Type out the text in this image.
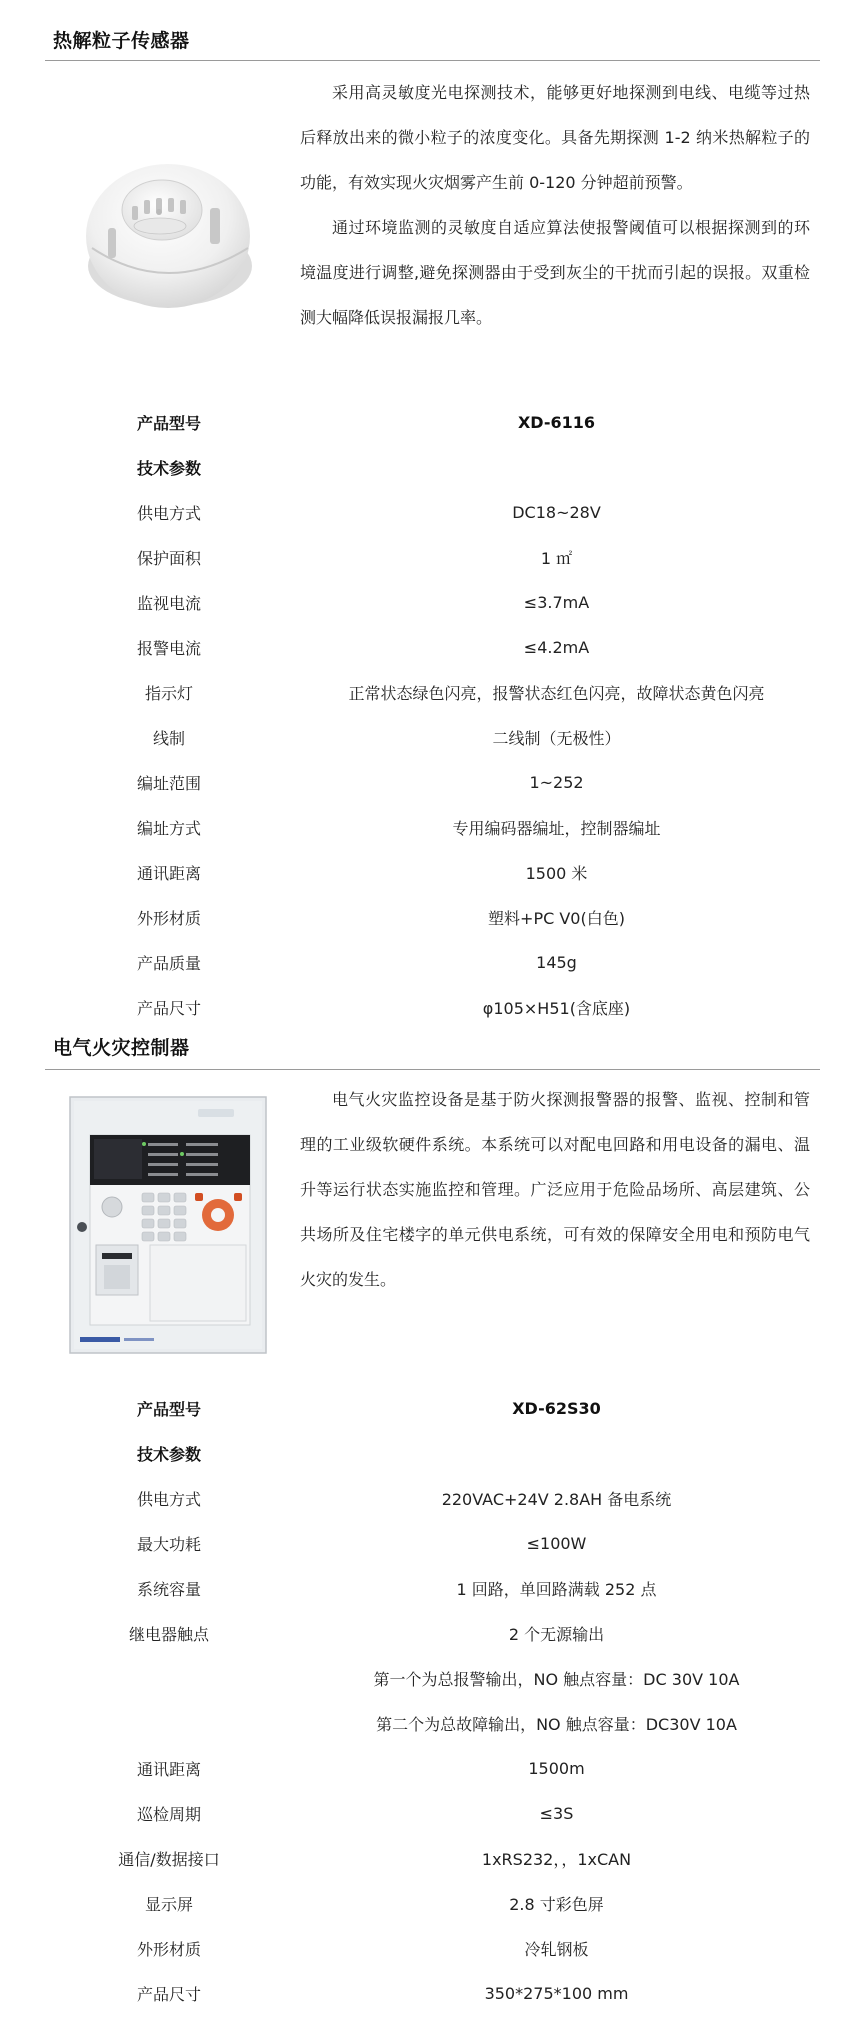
热解粒子传感器

采用高灵敏度光电探测技术，能够更好地探测到电线、电缆等过热后释放出来的微小粒子的浓度变化。具备先期探测 1-2 纳米热解粒子的功能，有效实现火灾烟雾产生前 0-120 分钟超前预警。

通过环境监测的灵敏度自适应算法使报警阈值可以根据探测到的环境温度进行调整,避免探测器由于受到灰尘的干扰而引起的误报。双重检测大幅降低误报漏报几率。

产品型号	XD-6116
技术参数	
供电方式	DC18~28V
保护面积	1 ㎡
监视电流	≤3.7mA
报警电流	≤4.2mA
指示灯	正常状态绿色闪亮，报警状态红色闪亮，故障状态黄色闪亮
线制	二线制（无极性）
编址范围	1~252
编址方式	专用编码器编址，控制器编址
通讯距离	1500 米
外形材质	塑料+PC V0(白色)
产品质量	145g
产品尺寸	φ105×H51(含底座)
电气火灾控制器

电气火灾监控设备是基于防火探测报警器的报警、监视、控制和管理的工业级软硬件系统。本系统可以对配电回路和用电设备的漏电、温升等运行状态实施监控和管理。广泛应用于危险品场所、高层建筑、公共场所及住宅楼字的单元供电系统，可有效的保障安全用电和预防电气火灾的发生。

产品型号	XD-62S30
技术参数	
供电方式	220VAC+24V 2.8AH 备电系统
最大功耗	≤100W
系统容量	1 回路，单回路满载 252 点
继电器触点	2 个无源输出
	第一个为总报警输出，NO 触点容量：DC 30V 10A
	第二个为总故障输出，NO 触点容量：DC30V 10A
通讯距离	1500m
巡检周期	≤3S
通信/数据接口	1xRS232，，1xCAN
显示屏	2.8 寸彩色屏
外形材质	冷轧钢板
产品尺寸	350*275*100 mm
